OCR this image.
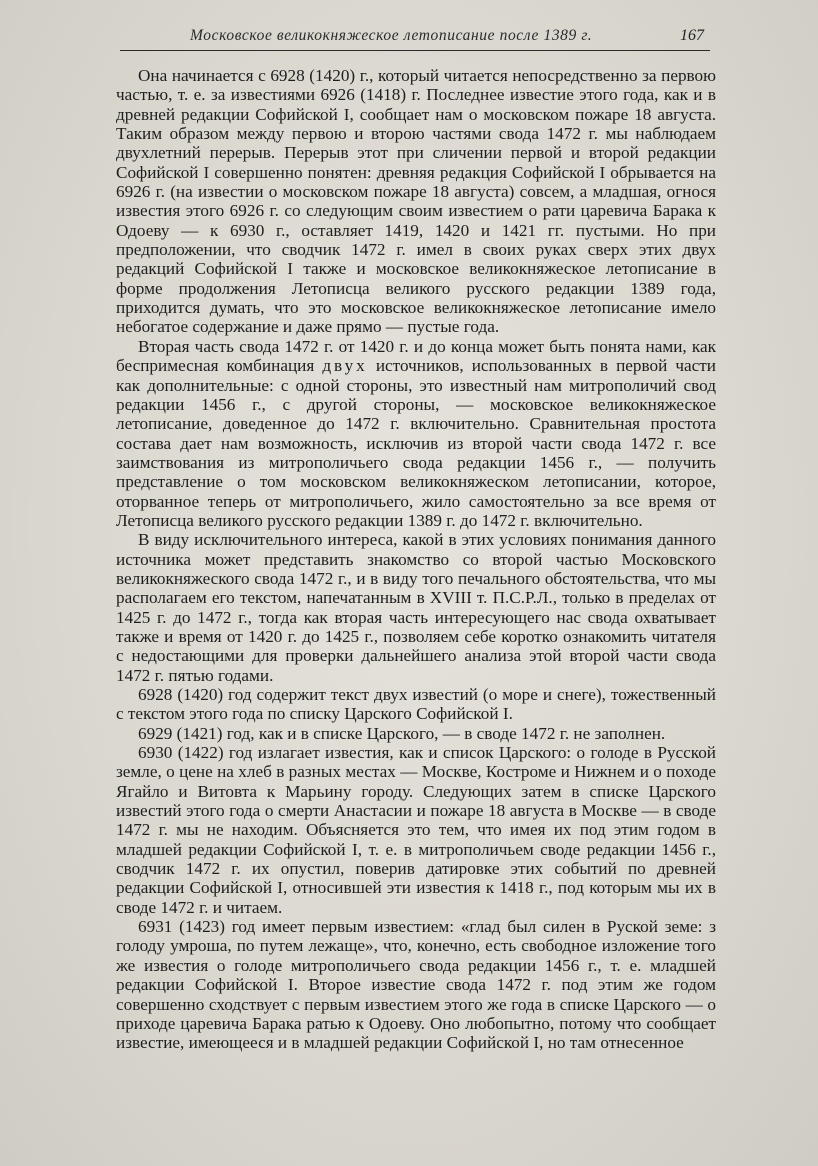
Московское великокняжеское летописание после 1389 г.	167

Она начинается с 6928 (1420) г., который читается непосредственно за первою частью, т. е. за известиями 6926 (1418) г. Последнее известие этого года, как и в древней редакции Софийской I, сообщает нам о московском пожаре 18 августа. Таким образом между первою и второю частями свода 1472 г. мы наблюдаем двухлетний перерыв. Перерыв этот при сличении первой и второй редакции Софийской I совершенно понятен: древняя редакция Софийской I обрывается на 6926 г. (на известии о московском пожаре 18 августа) совсем, а младшая, огнося известия этого 6926 г. со следующим своим известием о рати царевича Барака к Одоеву — к 6930 г., оставляет 1419, 1420 и 1421 гг. пустыми. Но при предположении, что сводчик 1472 г. имел в своих руках сверх этих двух редакций Софийской I также и московское великокняжеское летописание в форме продолжения Летописца великого русского редакции 1389 года, приходится думать, что это московское великокняжеское летописание имело небогатое содержание и даже прямо — пустые года.

Вторая часть свода 1472 г. от 1420 г. и до конца может быть понята нами, как беспримесная комбинация двух источников, использованных в первой части как дополнительные: с одной стороны, это известный нам митрополичий свод редакции 1456 г., с другой стороны, — московское великокняжеское летописание, доведенное до 1472 г. включительно. Сравнительная простота состава дает нам возможность, исключив из второй части свода 1472 г. все заимствования из митрополичьего свода редакции 1456 г., — получить представление о том московском великокняжеском летописании, которое, оторванное теперь от митрополичьего, жило самостоятельно за все время от Летописца великого русского редакции 1389 г. до 1472 г. включительно.

В виду исключительного интереса, какой в этих условиях понимания данного источника может представить знакомство со второй частью Московского великокняжеского свода 1472 г., и в виду того печального обстоятельства, что мы располагаем его текстом, напечатанным в XVIII т. П.С.Р.Л., только в пределах от 1425 г. до 1472 г., тогда как вторая часть интересующего нас свода охватывает также и время от 1420 г. до 1425 г., позволяем себе коротко ознакомить читателя с недостающими для проверки дальнейшего анализа этой второй части свода 1472 г. пятью годами.

6928 (1420) год содержит текст двух известий (о море и снеге), тожественный с текстом этого года по списку Царского Софийской I.

6929 (1421) год, как и в списке Царского, — в своде 1472 г. не заполнен.

6930 (1422) год излагает известия, как и список Царского: о голоде в Русской земле, о цене на хлеб в разных местах — Москве, Костроме и Нижнем и о походе Ягайло и Витовта к Марьину городу. Следующих затем в списке Царского известий этого года о смерти Анастасии и пожаре 18 августа в Москве — в своде 1472 г. мы не находим. Объясняется это тем, что имея их под этим годом в младшей редакции Софийской I, т. е. в митрополичьем своде редакции 1456 г., сводчик 1472 г. их опустил, поверив датировке этих событий по древней редакции Софийской I, относившей эти известия к 1418 г., под которым мы их в своде 1472 г. и читаем.

6931 (1423) год имеет первым известием: «глад был силен в Руской земе: з голоду умроша, по путем лежаще», что, конечно, есть свободное изложение того же известия о голоде митрополичьего свода редакции 1456 г., т. е. младшей редакции Софийской I. Второе известие свода 1472 г. под этим же годом совершенно сходствует с первым известием этого же года в списке Царского — о приходе царевича Барака ратью к Одоеву. Оно любопытно, потому что сообщает известие, имеющееся и в младшей редакции Софийской I, но там отнесенное
